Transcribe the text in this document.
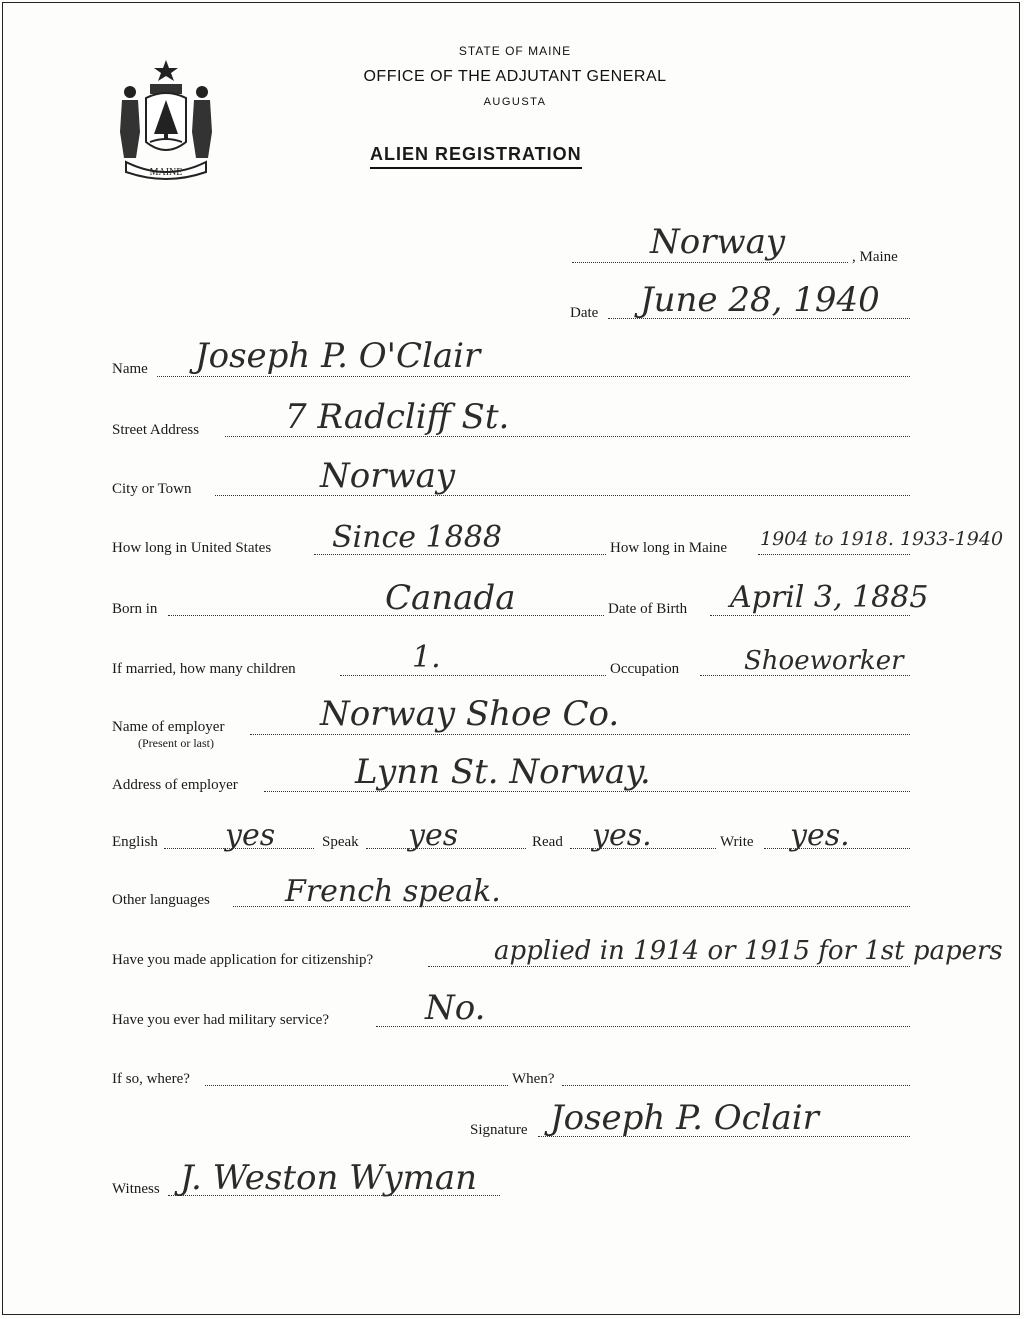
MAINE
STATE OF MAINE
OFFICE OF THE ADJUTANT GENERAL
AUGUSTA
ALIEN REGISTRATION
Norway	, Maine
Date June 28, 1940
Name Joseph P. O'Clair
Street Address	7 Radcliff St.
City or Town	Norway
How long in United States Since 1888	How long in Maine 1904 to 1918. 1933-1940
Born in	Canada	Date of Birth April 3, 1885
If married, how many children	1.	Occupation Shoeworker
Name of employer
(Present or last)
Norway Shoe Co.
Address of employer	Lynn St. Norway.
English yes	Speak yes	Read yes.	Write yes.
Other languages	French speak.
Have you made application for citizenship?	applied in 1914 or 1915 for 1st papers
Have you ever had military service?	No.
If so, where?	When?
Signature Joseph P. Oclair
Witness J. Weston Wyman
